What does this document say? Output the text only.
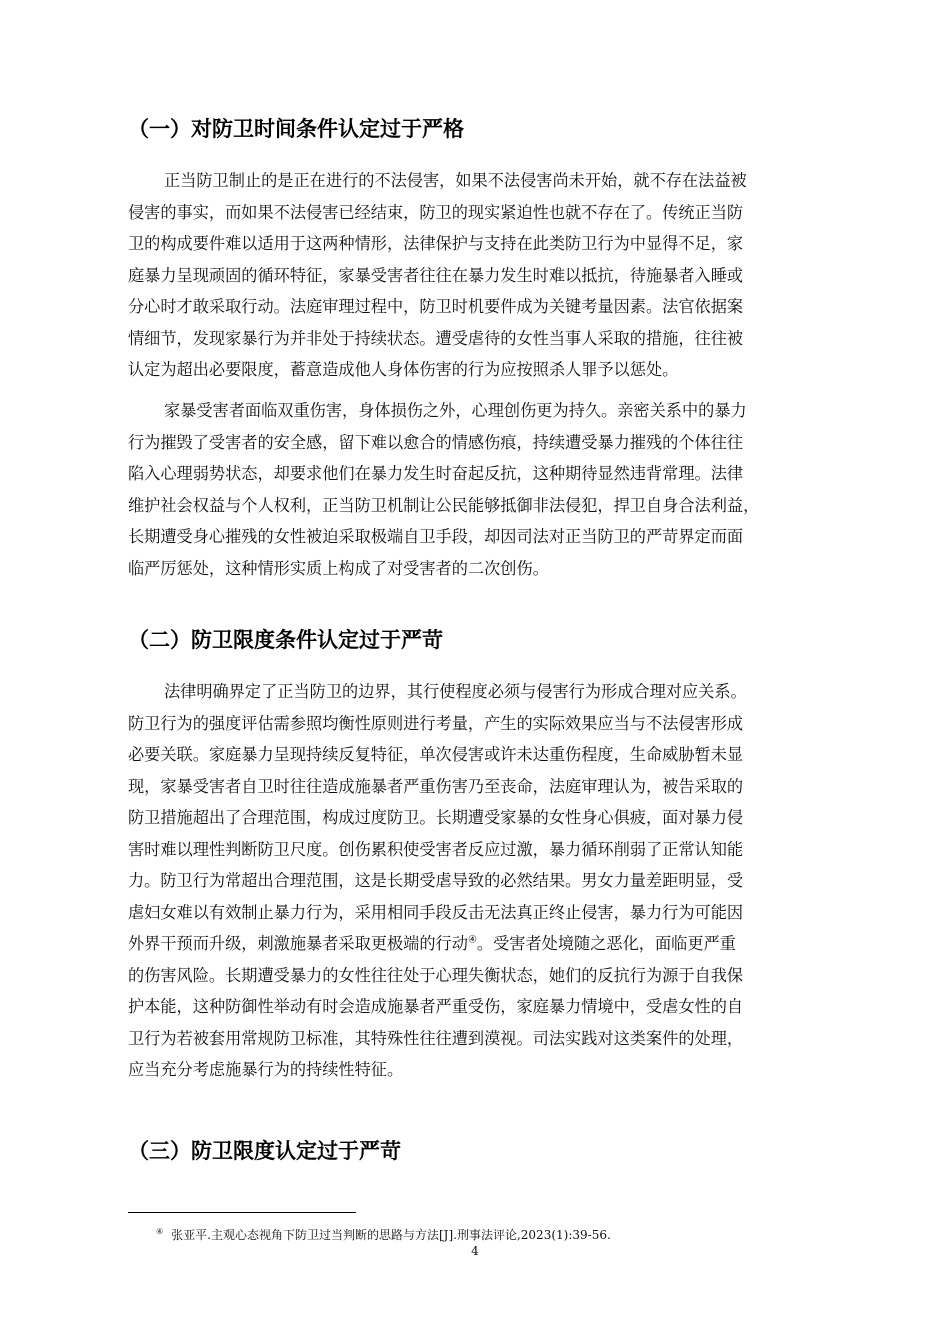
（一）对防卫时间条件认定过于严格
正当防卫制止的是正在进行的不法侵害，如果不法侵害尚未开始，就不存在法益被
侵害的事实，而如果不法侵害已经结束，防卫的现实紧迫性也就不存在了。传统正当防
卫的构成要件难以适用于这两种情形，法律保护与支持在此类防卫行为中显得不足，家
庭暴力呈现顽固的循环特征，家暴受害者往往在暴力发生时难以抵抗，待施暴者入睡或
分心时才敢采取行动。法庭审理过程中，防卫时机要件成为关键考量因素。法官依据案
情细节，发现家暴行为并非处于持续状态。遭受虐待的女性当事人采取的措施，往往被
认定为超出必要限度，蓄意造成他人身体伤害的行为应按照杀人罪予以惩处。
家暴受害者面临双重伤害，身体损伤之外，心理创伤更为持久。亲密关系中的暴力
行为摧毁了受害者的安全感，留下难以愈合的情感伤痕，持续遭受暴力摧残的个体往往
陷入心理弱势状态，却要求他们在暴力发生时奋起反抗，这种期待显然违背常理。法律
维护社会权益与个人权利，正当防卫机制让公民能够抵御非法侵犯，捍卫自身合法利益，
长期遭受身心摧残的女性被迫采取极端自卫手段，却因司法对正当防卫的严苛界定而面
临严厉惩处，这种情形实质上构成了对受害者的二次创伤。
（二）防卫限度条件认定过于严苛
法律明确界定了正当防卫的边界，其行使程度必须与侵害行为形成合理对应关系。
防卫行为的强度评估需参照均衡性原则进行考量，产生的实际效果应当与不法侵害形成
必要关联。家庭暴力呈现持续反复特征，单次侵害或许未达重伤程度，生命威胁暂未显
现，家暴受害者自卫时往往造成施暴者严重伤害乃至丧命，法庭审理认为，被告采取的
防卫措施超出了合理范围，构成过度防卫。长期遭受家暴的女性身心俱疲，面对暴力侵
害时难以理性判断防卫尺度。创伤累积使受害者反应过激，暴力循环削弱了正常认知能
力。防卫行为常超出合理范围，这是长期受虐导致的必然结果。男女力量差距明显，受
虐妇女难以有效制止暴力行为，采用相同手段反击无法真正终止侵害，暴力行为可能因
外界干预而升级，刺激施暴者采取更极端的行动④。受害者处境随之恶化，面临更严重
的伤害风险。长期遭受暴力的女性往往处于心理失衡状态，她们的反抗行为源于自我保
护本能，这种防御性举动有时会造成施暴者严重受伤，家庭暴力情境中，受虐女性的自
卫行为若被套用常规防卫标准，其特殊性往往遭到漠视。司法实践对这类案件的处理，
应当充分考虑施暴行为的持续性特征。
（三）防卫限度认定过于严苛
④ 张亚平.主观心态视角下防卫过当判断的思路与方法[J].刑事法评论,2023(1):39-56.
4
